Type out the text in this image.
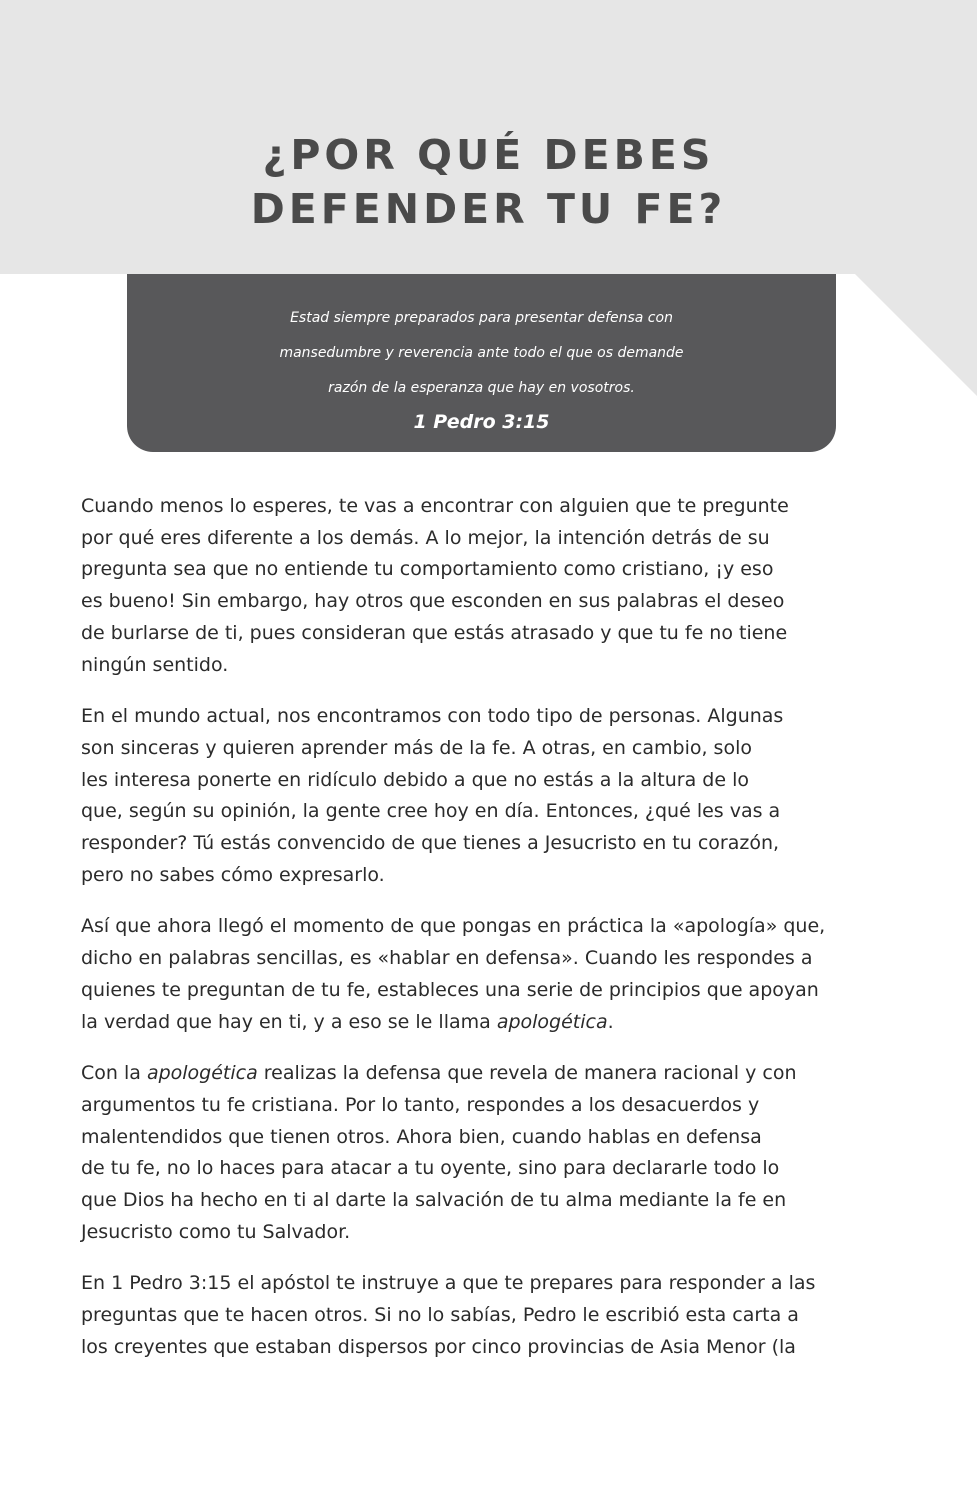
¿POR QUÉ DEBES
DEFENDER TU FE?

Estad siempre preparados para presentar defensa con
mansedumbre y reverencia ante todo el que os demande
razón de la esperanza que hay en vosotros.

1 Pedro 3:15

Cuando menos lo esperes, te vas a encontrar con alguien que te pregunte
por qué eres diferente a los demás. A lo mejor, la intención detrás de su
pregunta sea que no entiende tu comportamiento como cristiano, ¡y eso
es bueno! Sin embargo, hay otros que esconden en sus palabras el deseo
de burlarse de ti, pues consideran que estás atrasado y que tu fe no tiene
ningún sentido.

En el mundo actual, nos encontramos con todo tipo de personas. Algunas
son sinceras y quieren aprender más de la fe. A otras, en cambio, solo
les interesa ponerte en ridículo debido a que no estás a la altura de lo
que, según su opinión, la gente cree hoy en día. Entonces, ¿qué les vas a
responder? Tú estás convencido de que tienes a Jesucristo en tu corazón,
pero no sabes cómo expresarlo.

Así que ahora llegó el momento de que pongas en práctica la «apología» que,
dicho en palabras sencillas, es «hablar en defensa». Cuando les respondes a
quienes te preguntan de tu fe, estableces una serie de principios que apoyan
la verdad que hay en ti, y a eso se le llama apologética.

Con la apologética realizas la defensa que revela de manera racional y con
argumentos tu fe cristiana. Por lo tanto, respondes a los desacuerdos y
malentendidos que tienen otros. Ahora bien, cuando hablas en defensa
de tu fe, no lo haces para atacar a tu oyente, sino para declararle todo lo
que Dios ha hecho en ti al darte la salvación de tu alma mediante la fe en
Jesucristo como tu Salvador.

En 1 Pedro 3:15 el apóstol te instruye a que te prepares para responder a las
preguntas que te hacen otros. Si no lo sabías, Pedro le escribió esta carta a
los creyentes que estaban dispersos por cinco provincias de Asia Menor (la
